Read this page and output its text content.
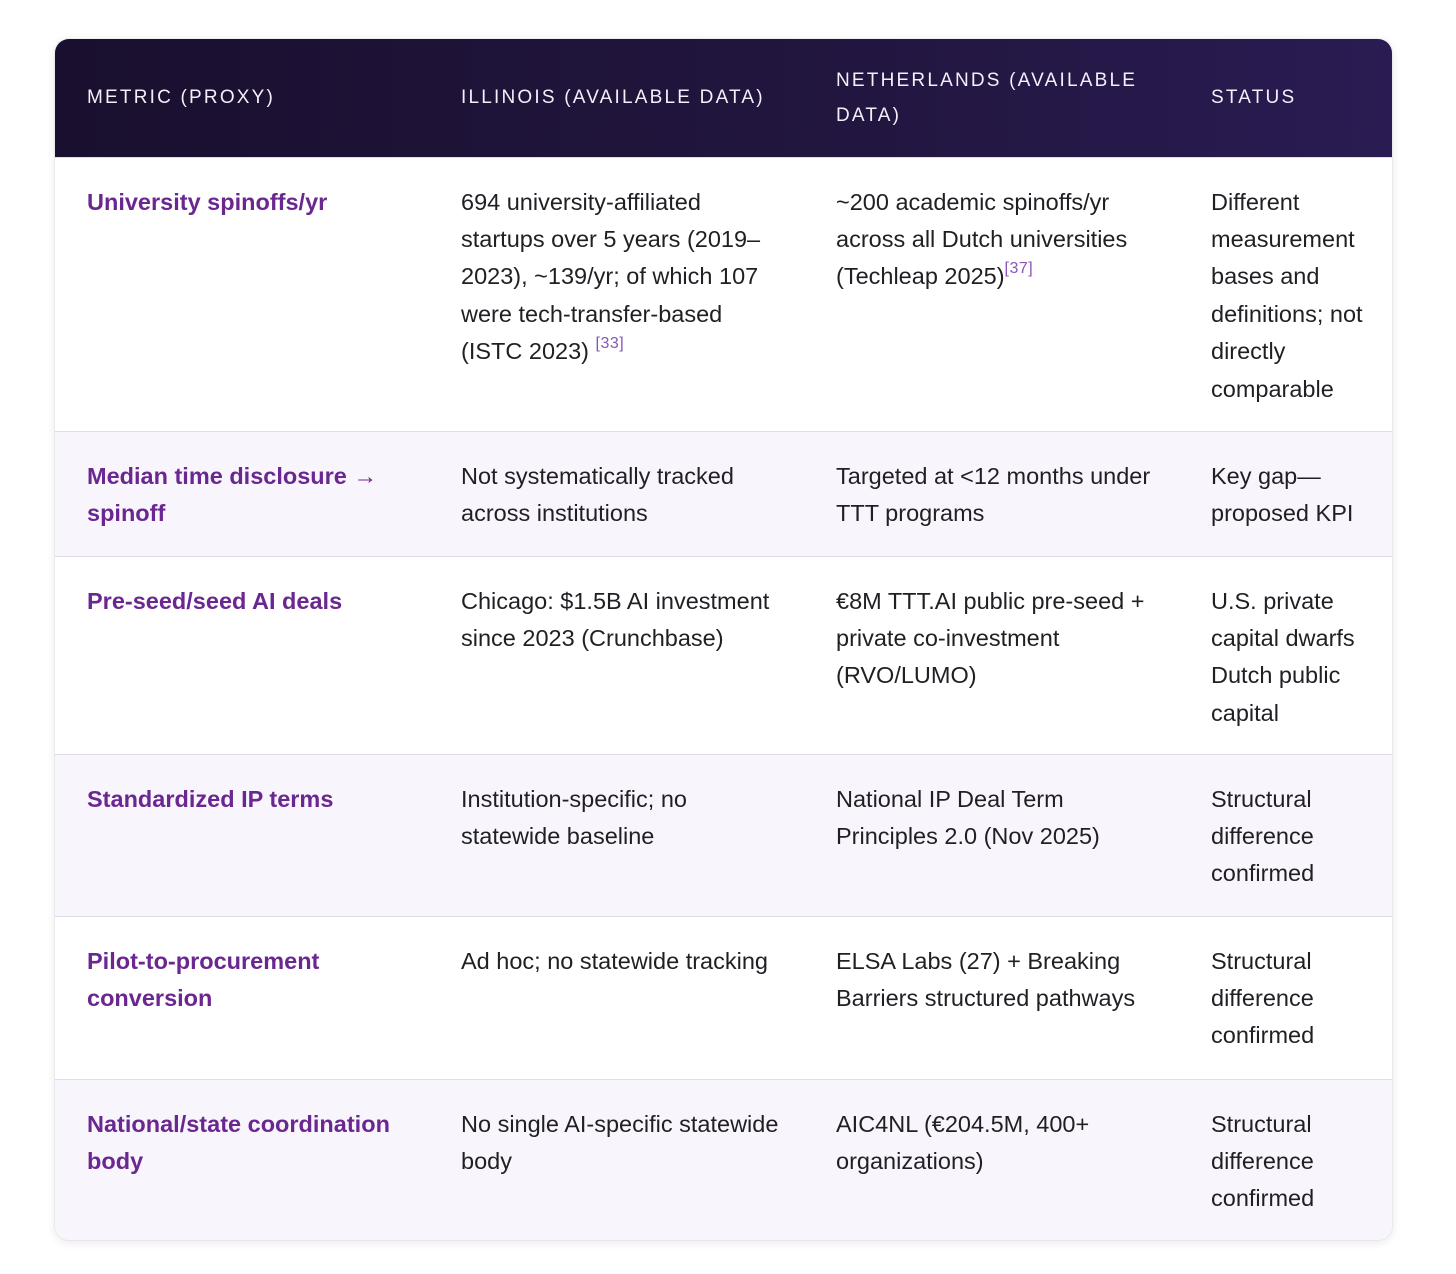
METRIC (PROXY)	ILLINOIS (AVAILABLE DATA)	NETHERLANDS (AVAILABLE DATA)	STATUS
University spinoffs/yr	694 university-affiliated startups over 5 years (2019–2023), ~139/yr; of which 107 were tech-transfer-based (ISTC 2023) [33]	~200 academic spinoffs/yr across all Dutch universities (Techleap 2025)[37]	Different measurement bases and definitions; not directly comparable
Median time disclosure → spinoff	Not systematically tracked across institutions	Targeted at <12 months under TTT programs	Key gap—proposed KPI
Pre-seed/seed AI deals	Chicago: $1.5B AI investment since 2023 (Crunchbase)	€8M TTT.AI public pre-seed + private co-investment (RVO/LUMO)	U.S. private capital dwarfs Dutch public capital
Standardized IP terms	Institution-specific; no statewide baseline	National IP Deal Term Principles 2.0 (Nov 2025)	Structural difference confirmed
Pilot-to-procurement conversion	Ad hoc; no statewide tracking	ELSA Labs (27) + Breaking Barriers structured pathways	Structural difference confirmed
National/state coordination body	No single AI-specific statewide body	AIC4NL (€204.5M, 400+ organizations)	Structural difference confirmed
